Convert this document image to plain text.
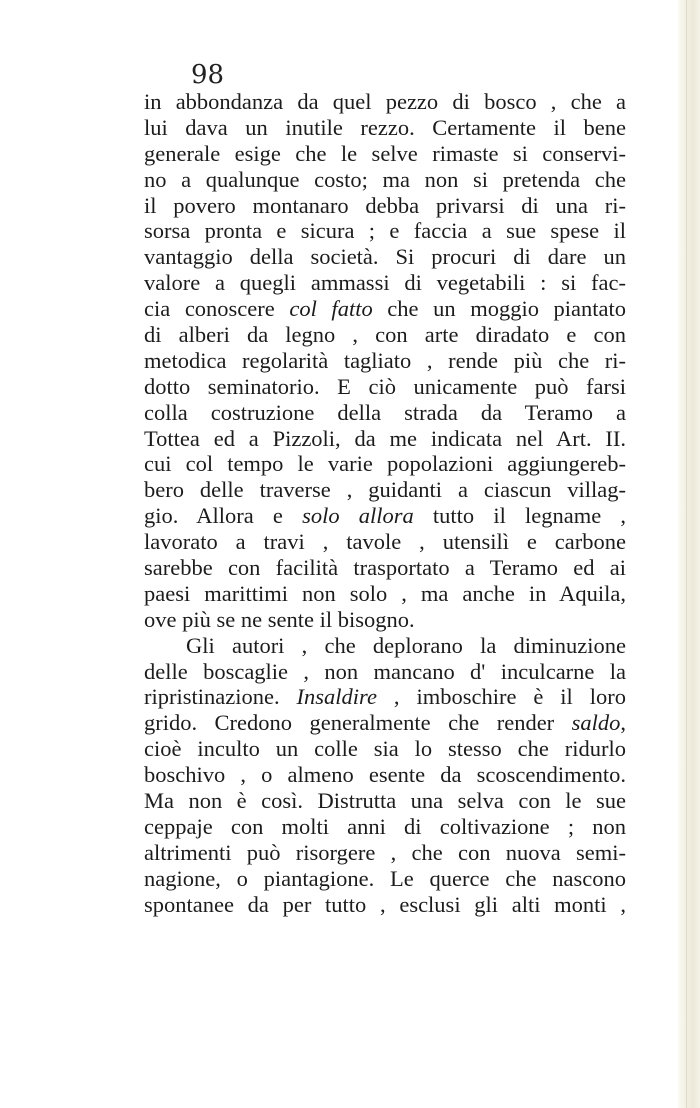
98
in abbondanza da quel pezzo di bosco , che a
lui dava un inutile rezzo. Certamente il bene
generale esige che le selve rimaste si conservi-
no a qualunque costo; ma non si pretenda che
il povero montanaro debba privarsi di una ri-
sorsa pronta e sicura ; e faccia a sue spese il
vantaggio della società. Si procuri di dare un
valore a quegli ammassi di vegetabili : si fac-
cia conoscere col fatto che un moggio piantato
di alberi da legno , con arte diradato e con
metodica regolarità tagliato , rende più che ri-
dotto seminatorio. E ciò unicamente può farsi
colla costruzione della strada da Teramo a
Tottea ed a Pizzoli, da me indicata nel Art. II.
cui col tempo le varie popolazioni aggiungereb-
bero delle traverse , guidanti a ciascun villag-
gio. Allora e solo allora tutto il legname ,
lavorato a travi , tavole , utensilì e carbone
sarebbe con facilità trasportato a Teramo ed ai
paesi marittimi non solo , ma anche in Aquila,
ove più se ne sente il bisogno.
Gli autori , che deplorano la diminuzione
delle boscaglie , non mancano d' inculcarne la
ripristinazione. Insaldire , imboschire è il loro
grido. Credono generalmente che render saldo,
cioè inculto un colle sia lo stesso che ridurlo
boschivo , o almeno esente da scoscendimento.
Ma non è così. Distrutta una selva con le sue
ceppaje con molti anni di coltivazione ; non
altrimenti può risorgere , che con nuova semi-
nagione, o piantagione. Le querce che nascono
spontanee da per tutto , esclusi gli alti monti ,
